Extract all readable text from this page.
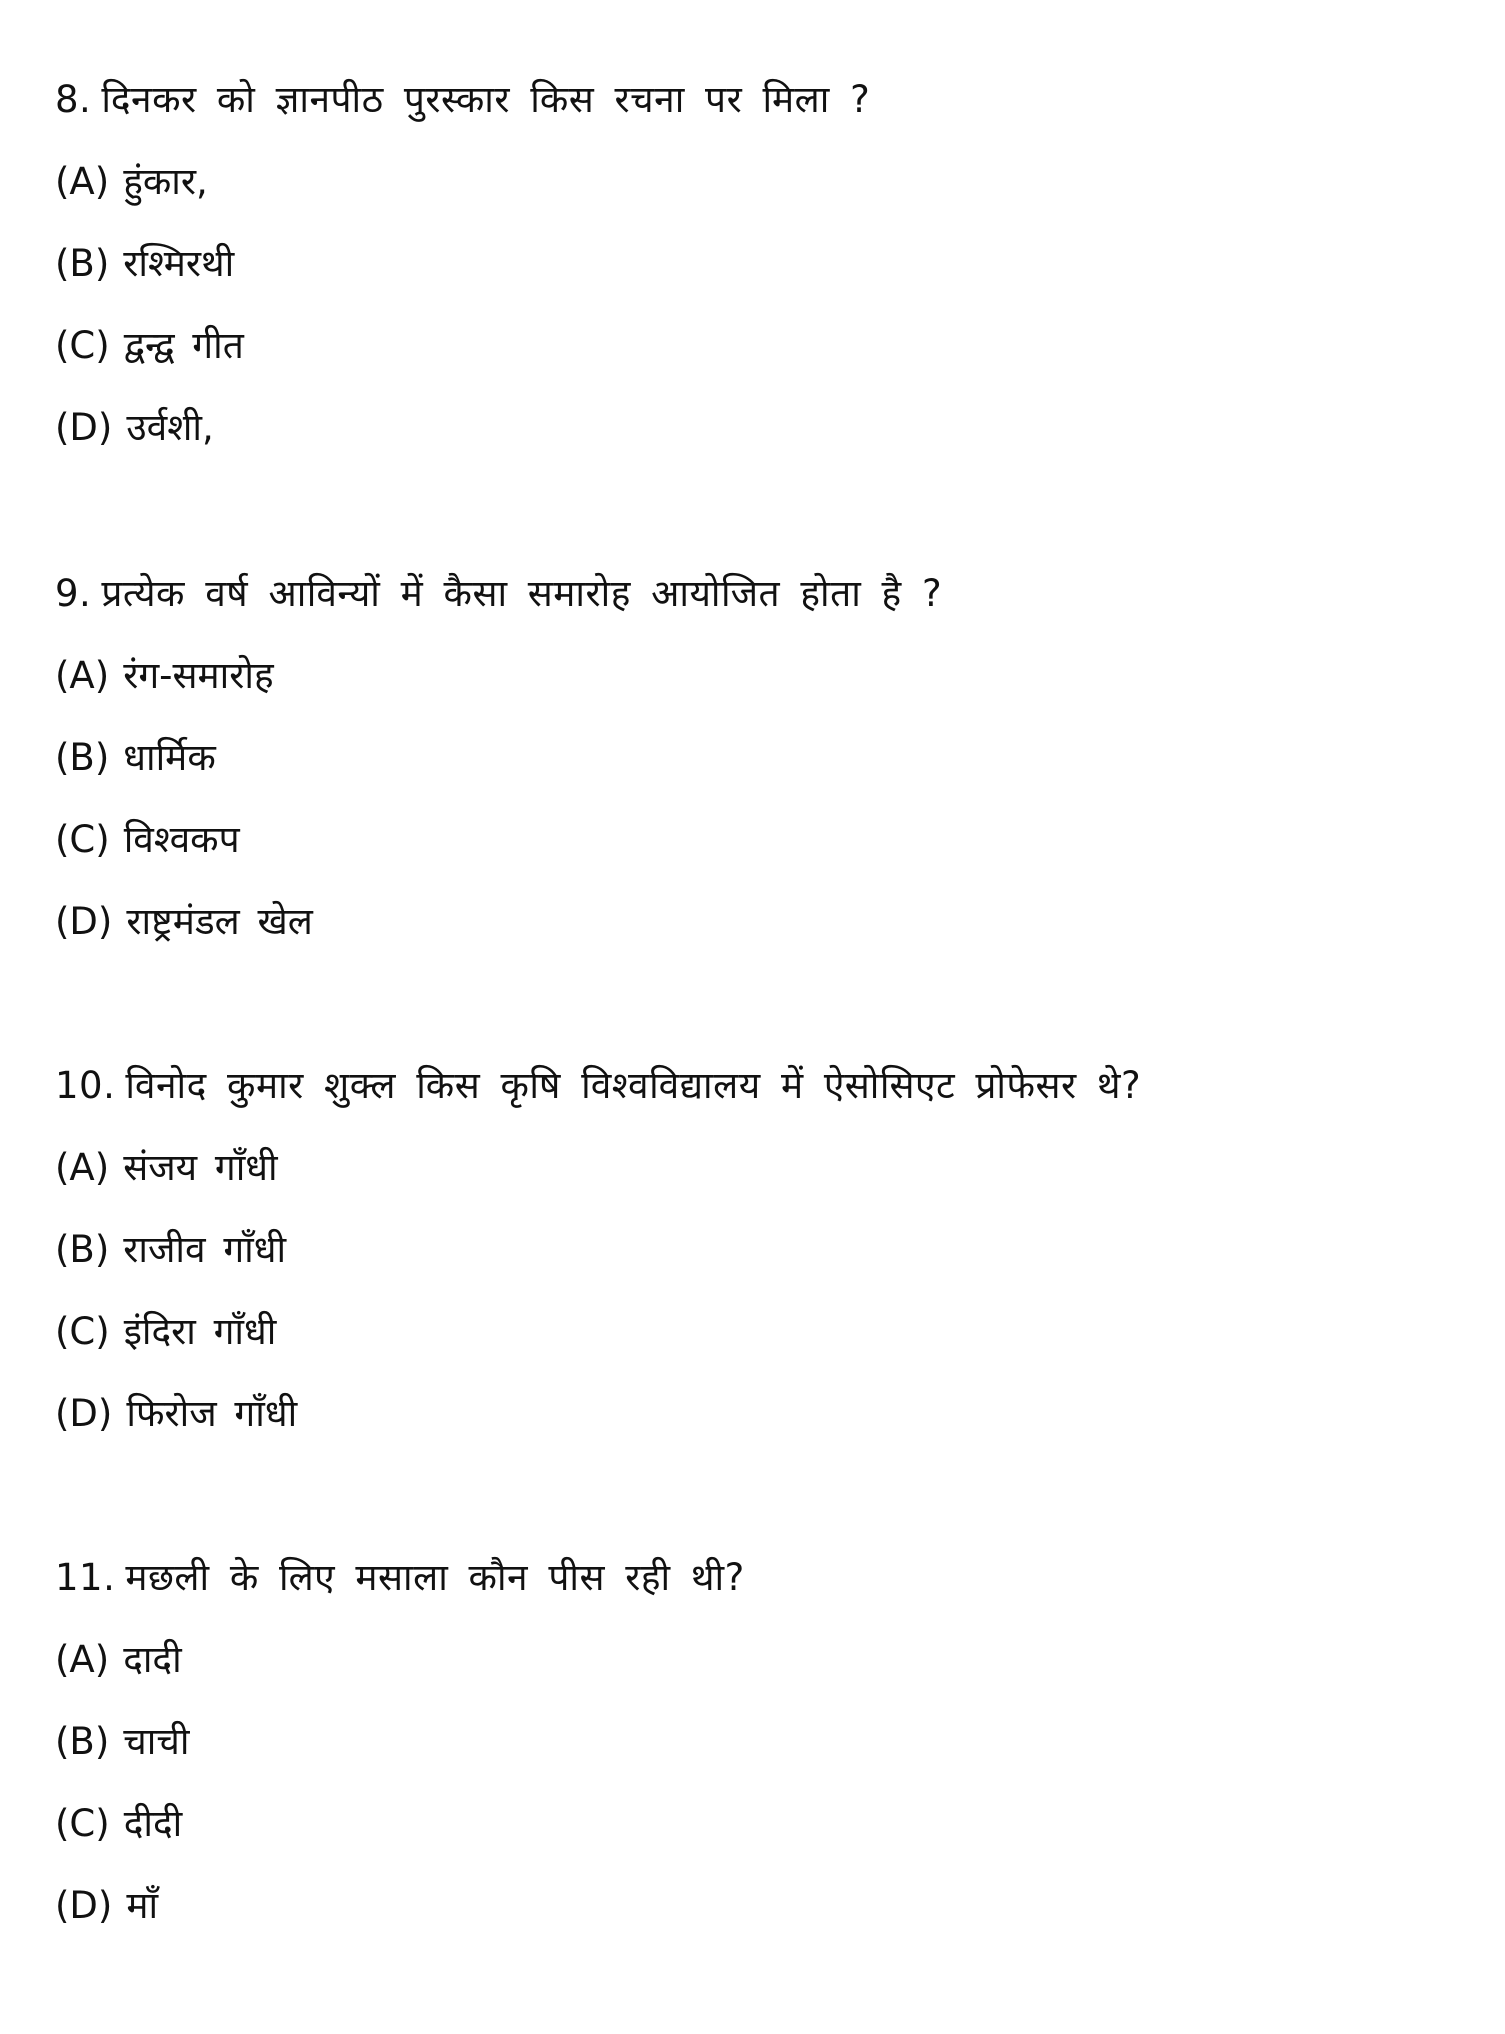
8. दिनकर को ज्ञानपीठ पुरस्कार किस रचना पर मिला ?
(A) हुंकार,
(B) रश्मिरथी
(C) द्वन्द्व गीत
(D) उर्वशी,
9. प्रत्येक वर्ष आविन्यों में कैसा समारोह आयोजित होता है ?
(A) रंग-समारोह
(B) धार्मिक
(C) विश्वकप
(D) राष्ट्रमंडल खेल
10. विनोद कुमार शुक्ल किस कृषि विश्वविद्यालय में ऐसोसिएट प्रोफेसर थे?
(A) संजय गाँधी
(B) राजीव गाँधी
(C) इंदिरा गाँधी
(D) फिरोज गाँधी
11. मछली के लिए मसाला कौन पीस रही थी?
(A) दादी
(B) चाची
(C) दीदी
(D) माँ
